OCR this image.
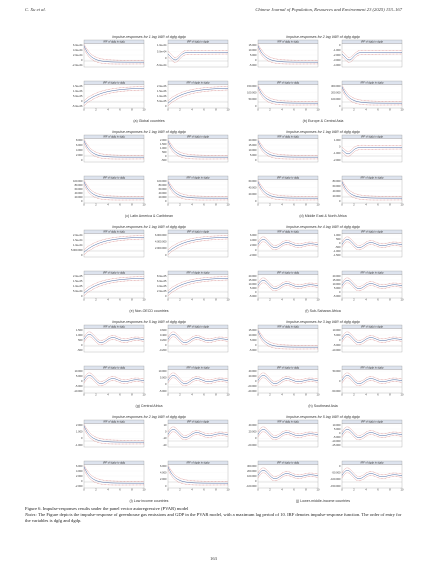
C. Xu et al.	Chinese Journal of Population, Resources and Environment 23 (2025) 153–167
Impulse-responses for 1 lag VAR of dgfg dgdp
IRF of dgfg to dgfg
6.0e+04
4.0e+04
2.0e+04
0
-2.0e+04
IRF of dgfg to dgdp
1.0e+04
5.0e+04
0
-5.0e+04
IRF of dgdp to dgfg
1.5e+06
1.0e+06
5.0e+05
0
-5.0e+06
0	2	4	6	8	10
IRF of dgdp to dgdp
2.0e+06
1.5e+06
1.0e+06
5.0e+05
0
0	2	4	6	8	10
(a) Global countries
Impulse-responses for 2 lag VAR of dgfg dgdp
IRF of dgfg to dgfg
15.000
10.000
5.000
0
-5.000
IRF of dgfg to dgdp
0
-1.000
-2.000
-3.000
-4.000
IRF of dgdp to dgfg
150.000
100.000
50.000
0
0	2	4	6	8	10
IRF of dgdp to dgdp
300.000
200.000
100.000
0
0	2	4	6	8	10
(b) Europe & Central Asia
Impulse-responses for 1 lag VAR of dgfg dgdp
IRF of dgfg to dgfg
8.000
6.000
4.000
2.000
0
IRF of dgfg to dgdp
2.000
1.500
1.000
500
0
-500
IRF of dgdp to dgfg
100.000
80.000
60.000
40.000
20.000
0
0	2	4	6	8	10
IRF of dgdp to dgdp
100.000
80.000
60.000
40.000
20.000
0
0	2	4	6	8	10
(c) Latin America & Caribbean
Impulse-responses for 1 lag VAR of dgfg dgdp
IRF of dgfg to dgfg
20.000
15.000
10.000
5.000
0
IRF of dgfg to dgdp
1.000
0
-1.000
-2.000
IRF of dgdp to dgfg
60.000
40.000
20.000
0
0	2	4	6	8	10
IRF of dgdp to dgdp
80.000
60.000
40.000
20.000
0
0	2	4	6	8	10
(d) Middle East & North Africa
Impulse-responses for 1 lag VAR of dgfg dgdp
IRF of dgfg to dgfg
2.0e+04
1.5e+04
1.0e+04
5.000.000
0
IRF of dgfg to dgdp
6.000.000
4.000.000
2.000.000
0
IRF of dgdp to dgfg
2.0e+05
1.5e+05
1.0e+05
5.0e+04
0
0	2	4	6	8	10
IRF of dgdp to dgdp
8.0e+05
6.0e+05
4.0e+05
2.0e+05
0
0	2	4	6	8	10
(e) Non-OECD countries
Impulse-responses for 4 lag VAR of dgfg dgdp
IRF of dgfg to dgfg
6.000
4.000
2.000
0
-2.000
IRF of dgfg to dgdp
1.000
500
0
-500
-1.000
-1.500
IRF of dgdp to dgfg
20.000
15.000
10.000
5.000
0
-5.000
0	2	4	6	8	10
IRF of dgdp to dgdp
20.000
15.000
10.000
5.000
0
-5.000
0	2	4	6	8	10
(f) Sub-Saharan Africa
Impulse-responses for 5 lag VAR of dgfg dgdp
IRF of dgfg to dgfg
1.500
1.000
500
0
-500
IRF of dgfg to dgdp
0.600
0.400
0.200
0
-0.200
IRF of dgdp to dgfg
10.000
5.000
0
-5.000
-10.000
0	2	4	6	8	10
IRF of dgdp to dgdp
10.000
5.000
0
-5.000
0	2	4	6	8	10
(g) Central Africa
Impulse-responses for 3 lag VAR of dgfg dgdp
IRF of dgfg to dgfg
15.000
10.000
5.000
0
-5.000
IRF of dgfg to dgdp
10.000
5.000
0
-5.000
-10.000
IRF of dgdp to dgfg
40.000
20.000
0
-20.000
-40.000
0	2	4	6	8	10
IRF of dgdp to dgdp
50.000
0
-50.000
0	2	4	6	8	10
(h) Southeast Asia
Impulse-responses for 2 lag VAR of dgfg dgdp
IRF of dgfg to dgfg
2.000
1.000
0
-1.000
IRF of dgfg to dgdp
10
0
-10
-20
IRF of dgdp to dgfg
6.000
4.000
2.000
0
-2.000
0	2	4	6	8	10
IRF of dgdp to dgdp
6.000
4.000
2.000
0
0	2	4	6	8	10
(i) Low income countries
Impulse-responses for 5 lag VAR of dgfg dgdp
IRF of dgfg to dgfg
40.000
20.000
0
-20.000
IRF of dgfg to dgdp
10.000
5.000
0
-5.000
-10.000
-15.000
IRF of dgdp to dgfg
300.000
200.000
100.000
0
-100.000
0	2	4	6	8	10
IRF of dgdp to dgdp
0
-50.000
-100.000
-150.000
0	2	4	6	8	10
(j) Lower-middle-income countries
Figure 6. Impulse-responses results under the panel vector autoregressive (PVAR) model
Notes: The Figure depicts the impulse-response of greenhouse gas emissions and GDP in the PVAR model, with a maximum lag period of 10. IRF denotes impulse-response function. The order of entry for the variables is dgfg and dgdp.
163
